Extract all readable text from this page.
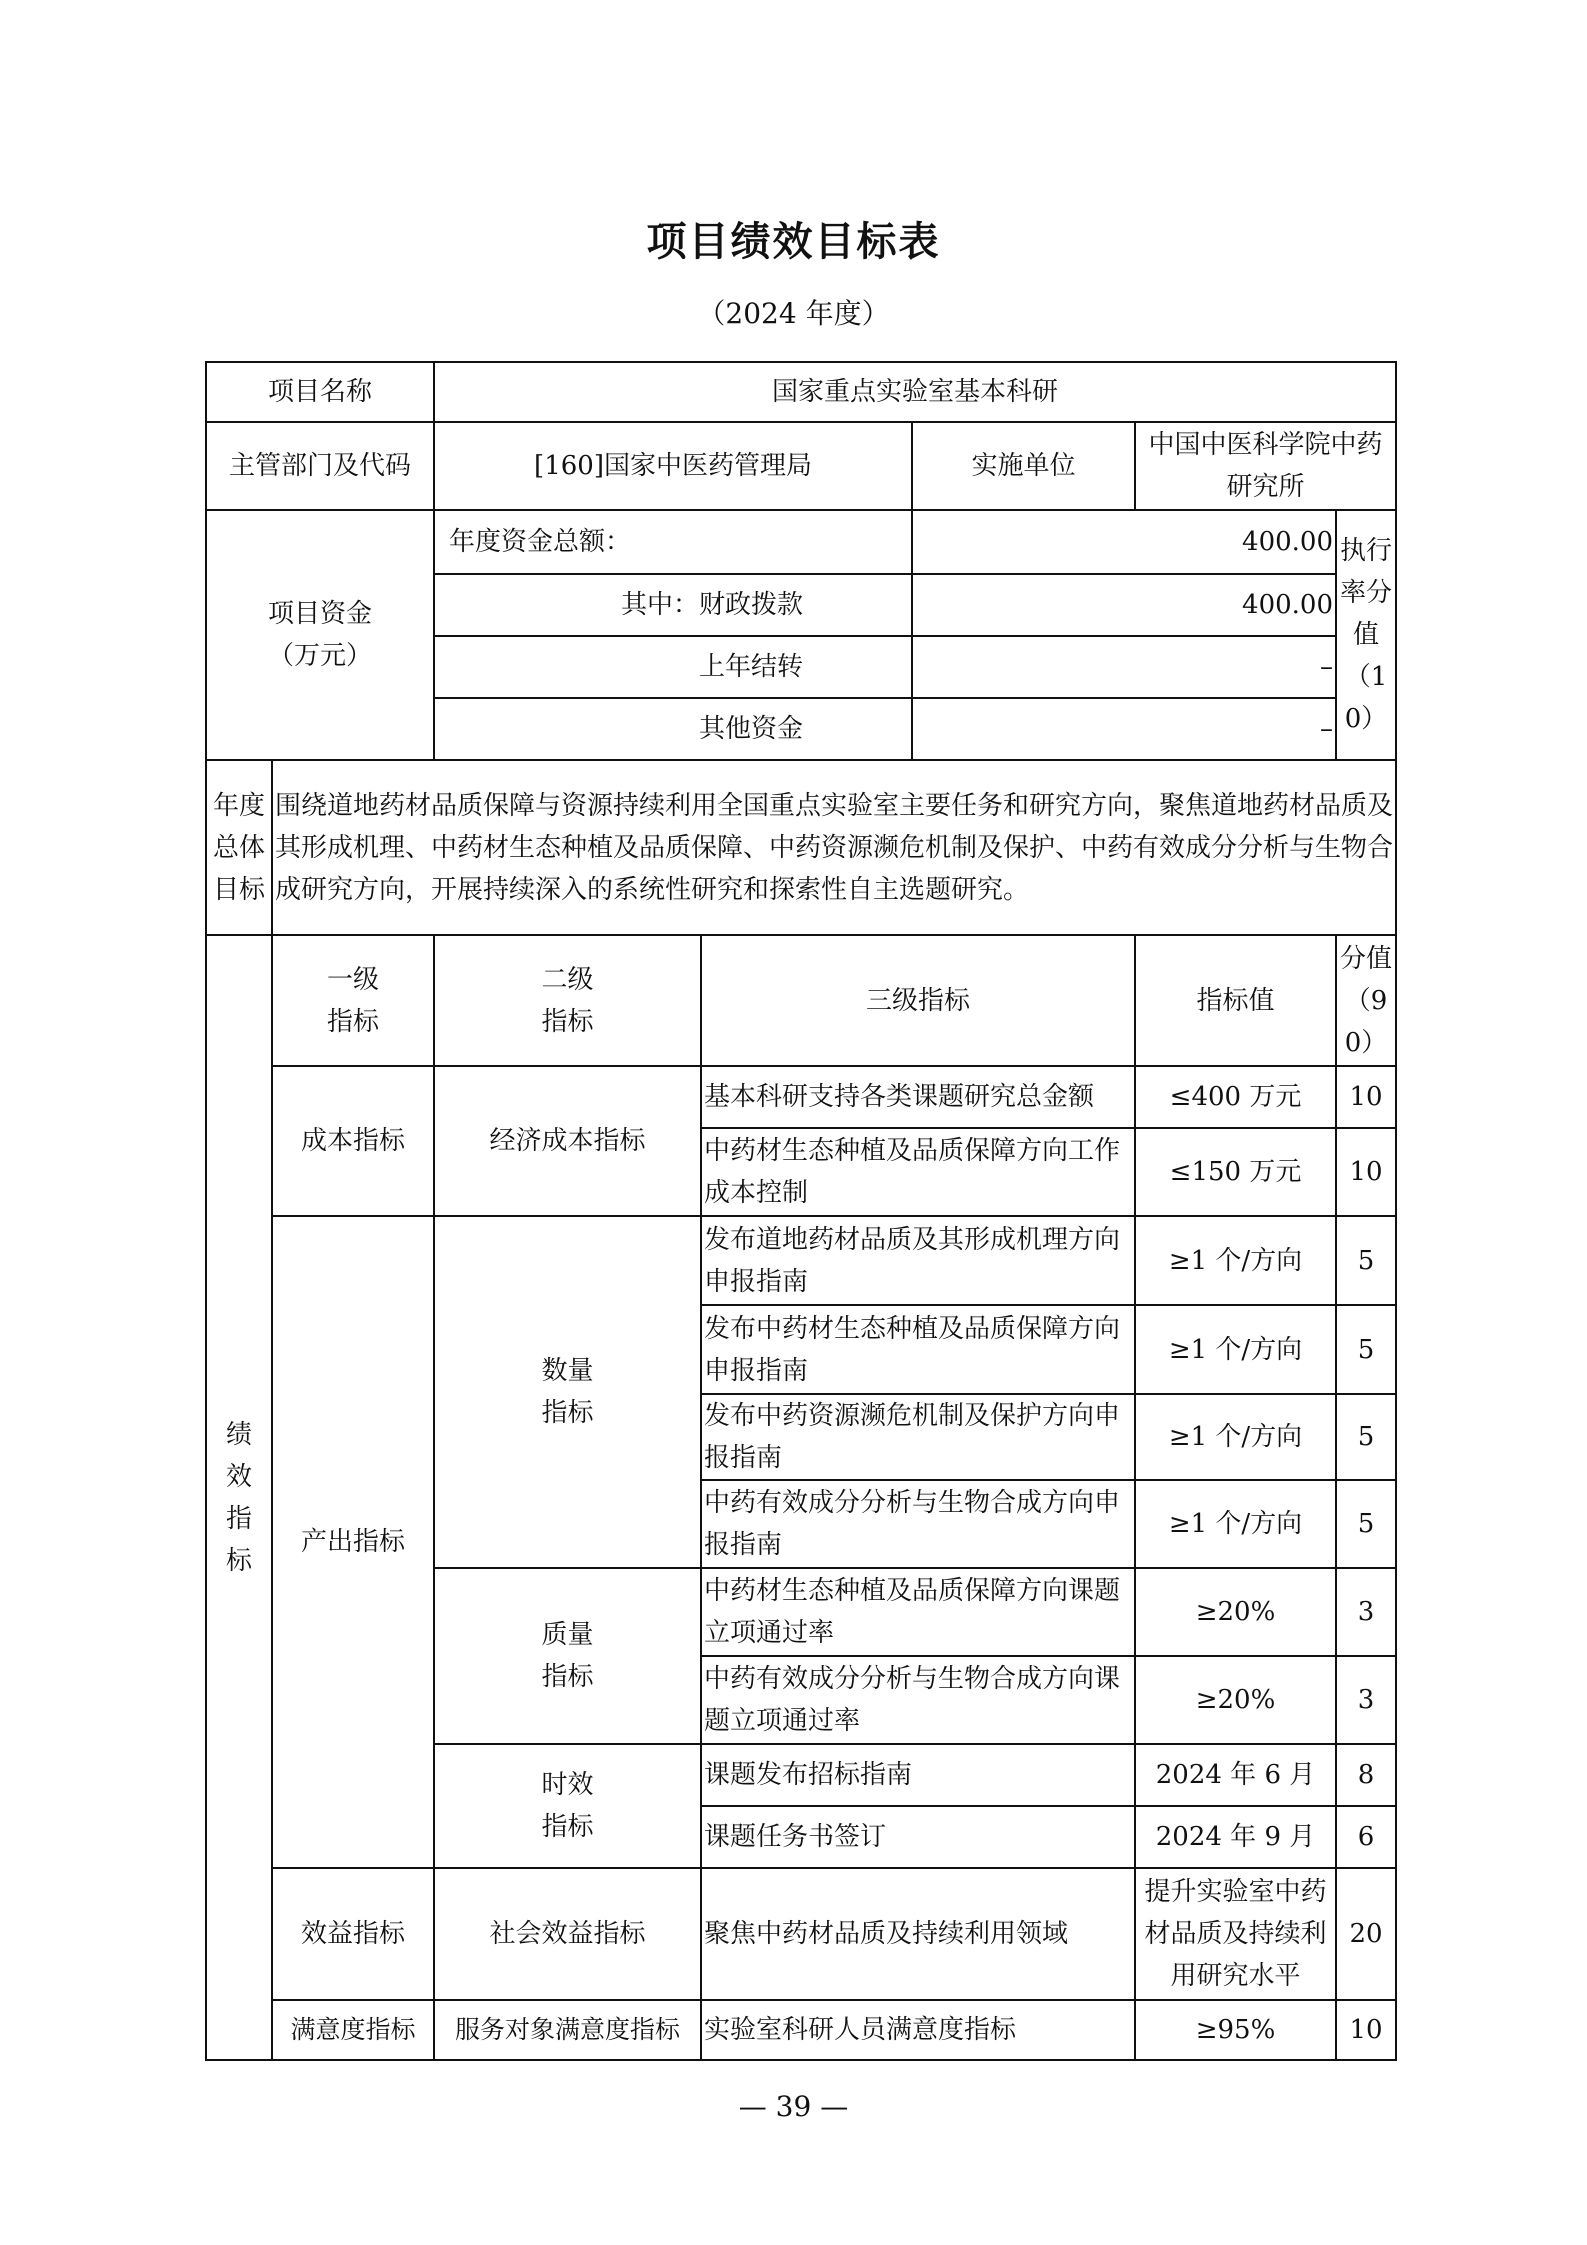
项目绩效目标表
（2024 年度）
项目名称		国家重点实验室基本科研				
主管部门及代码		[160]国家中医药管理局		实施单位	中国中医科学院中药研究所	
项目资金（万元）		年度资金总额：		400.00		执行率分值（10）
		其中：财政拨款		400.00		
		上年结转		–		
		其他资金		–		
年度总体目标	围绕道地药材品质保障与资源持续利用全国重点实验室主要任务和研究方向，聚焦道地药材品质及其形成机理、中药材生态种植及品质保障、中药资源濒危机制及保护、中药有效成分分析与生物合成研究方向，开展持续深入的系统性研究和探索性自主选题研究。					
绩效指标	一级指标	二级指标	三级指标		指标值	分值（90）
	成本指标	经济成本指标	基本科研支持各类课题研究总金额		≤400 万元	10
			中药材生态种植及品质保障方向工作成本控制		≤150 万元	10
	产出指标	数量指标	发布道地药材品质及其形成机理方向申报指南		≥1 个/方向	5
			发布中药材生态种植及品质保障方向申报指南		≥1 个/方向	5
			发布中药资源濒危机制及保护方向申报指南		≥1 个/方向	5
			中药有效成分分析与生物合成方向申报指南		≥1 个/方向	5
		质量指标	中药材生态种植及品质保障方向课题立项通过率		≥20%	3
			中药有效成分分析与生物合成方向课题立项通过率		≥20%	3
		时效指标	课题发布招标指南		2024 年 6 月	8
			课题任务书签订		2024 年 9 月	6
	效益指标	社会效益指标	聚焦中药材品质及持续利用领域		提升实验室中药材品质及持续利用研究水平	20
	满意度指标	服务对象满意度指标	实验室科研人员满意度指标		≥95%	10
— 39 —
